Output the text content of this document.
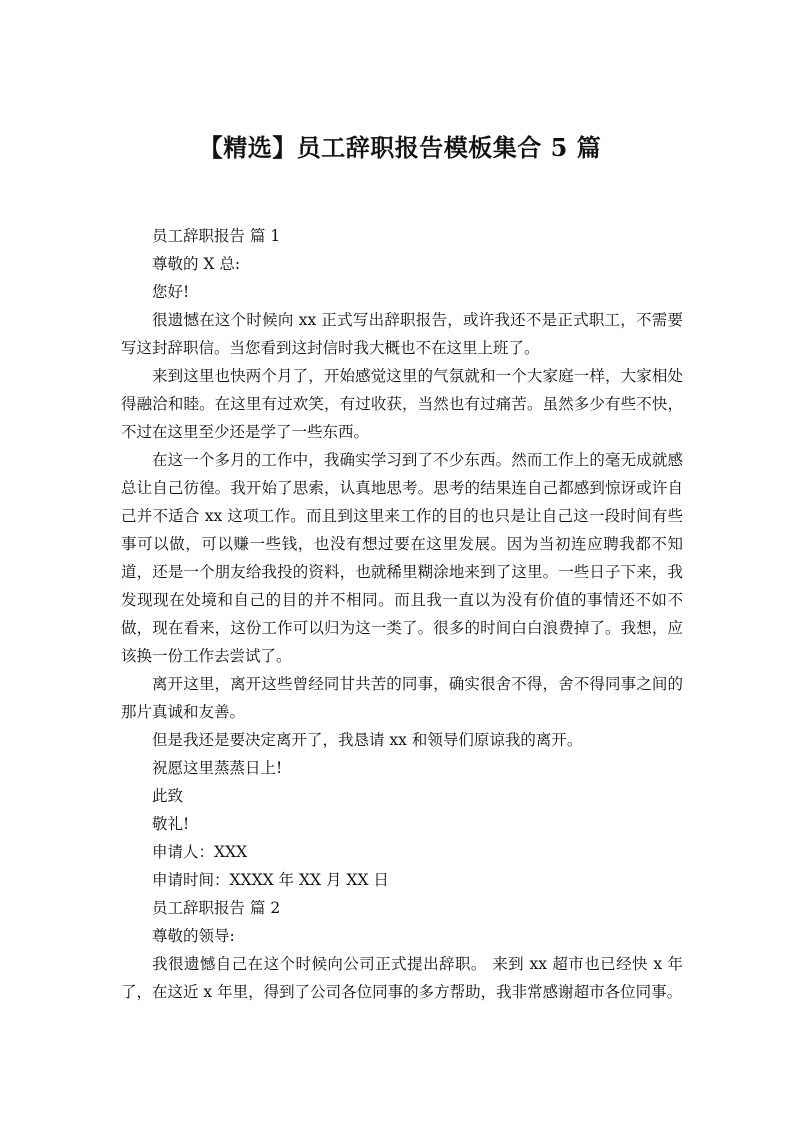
【精选】员工辞职报告模板集合 5 篇

员工辞职报告 篇 1

尊敬的 X 总:

您好!

很遗憾在这个时候向 xx 正式写出辞职报告，或许我还不是正式职工，不需要写这封辞职信。当您看到这封信时我大概也不在这里上班了。

来到这里也快两个月了，开始感觉这里的气氛就和一个大家庭一样，大家相处得融洽和睦。在这里有过欢笑，有过收获，当然也有过痛苦。虽然多少有些不快，不过在这里至少还是学了一些东西。

在这一个多月的工作中，我确实学习到了不少东西。然而工作上的毫无成就感总让自己彷徨。我开始了思索，认真地思考。思考的结果连自己都感到惊讶或许自己并不适合 xx 这项工作。而且到这里来工作的目的也只是让自己这一段时间有些事可以做，可以赚一些钱，也没有想过要在这里发展。因为当初连应聘我都不知道，还是一个朋友给我投的资料，也就稀里糊涂地来到了这里。一些日子下来，我发现现在处境和自己的目的并不相同。而且我一直以为没有价值的事情还不如不做，现在看来，这份工作可以归为这一类了。很多的时间白白浪费掉了。我想，应该换一份工作去尝试了。

离开这里，离开这些曾经同甘共苦的同事，确实很舍不得，舍不得同事之间的那片真诚和友善。

但是我还是要决定离开了，我恳请 xx 和领导们原谅我的离开。

祝愿这里蒸蒸日上!

此致

敬礼!

申请人：XXX

申请时间：XXXX 年 XX 月 XX 日

员工辞职报告 篇 2

尊敬的领导:

我很遗憾自己在这个时候向公司正式提出辞职。 来到 xx 超市也已经快 x 年了，在这近 x 年里，得到了公司各位同事的多方帮助，我非常感谢超市各位同事。
